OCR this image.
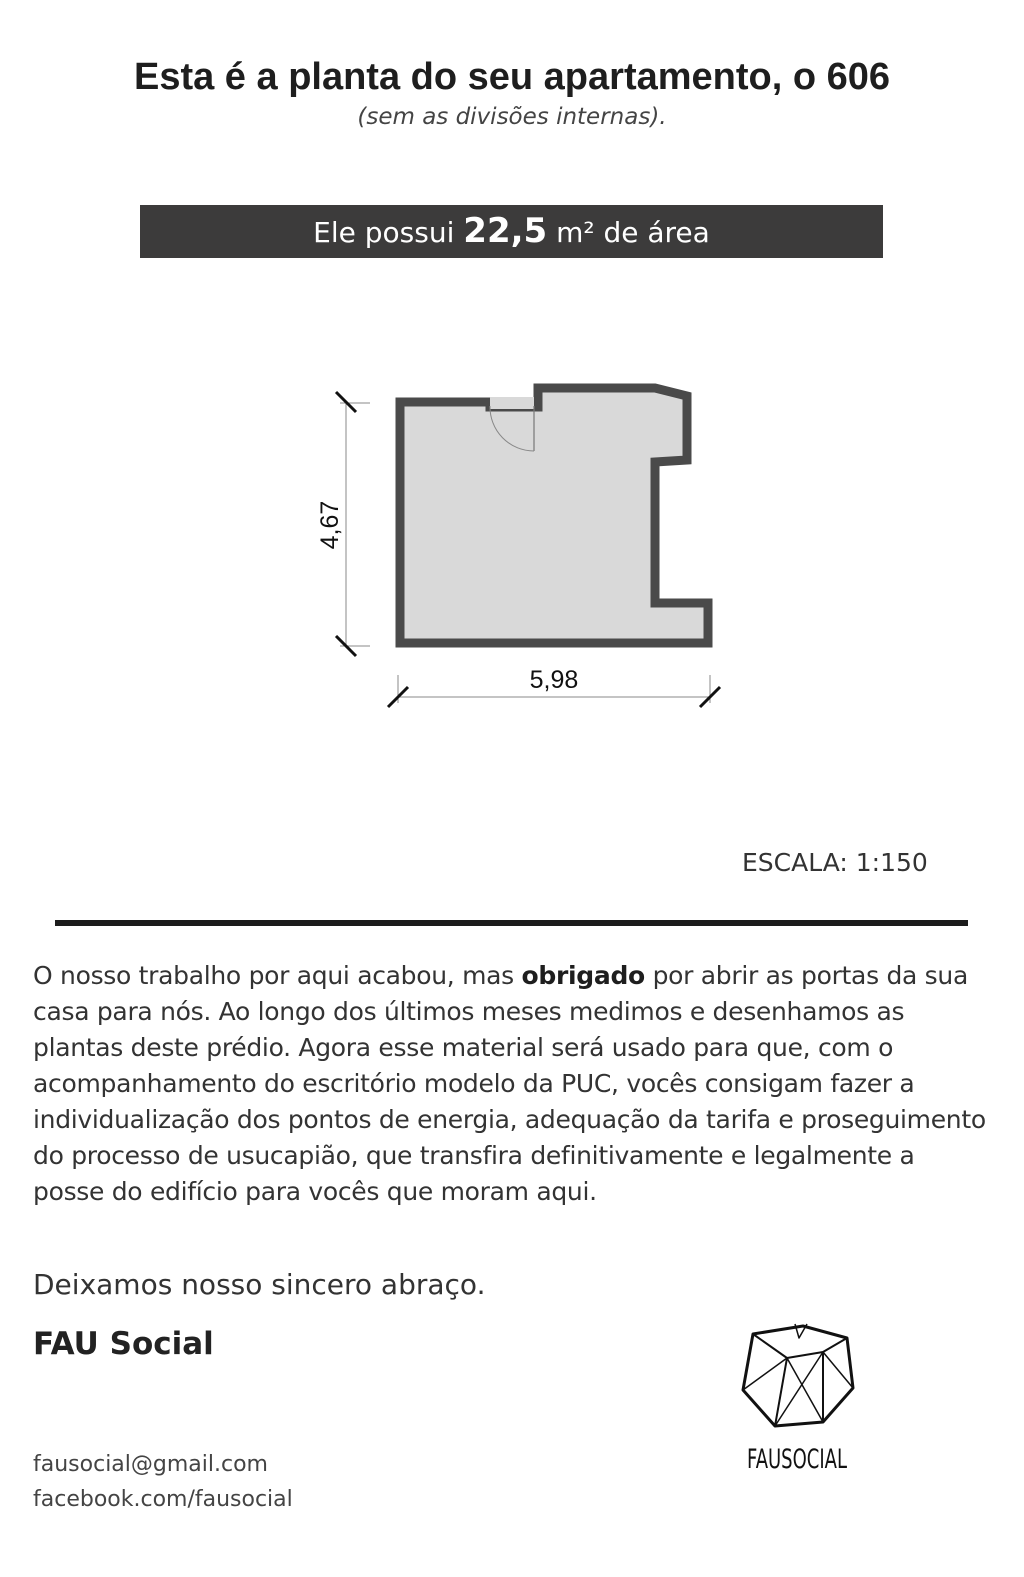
Esta é a planta do seu apartamento, o 606
(sem as divisões internas).
Ele possui 22,5 m² de área
4,67
5,98
ESCALA: 1:150

O nosso trabalho por aqui acabou, mas obrigado por abrir as portas da sua casa para nós. Ao longo dos últimos meses medimos e desenhamos as plantas deste prédio. Agora esse material será usado para que, com o acompanhamento do escritório modelo da PUC, vocês consigam fazer a individualização dos pontos de energia, adequação da tarifa e proseguimento do processo de usucapião, que transfira definitivamente e legalmente a posse do edifício para vocês que moram aqui.

Deixamos nosso sincero abraço.
FAU Social
fausocial@gmail.com
facebook.com/fausocial
FAUSOCIAL
